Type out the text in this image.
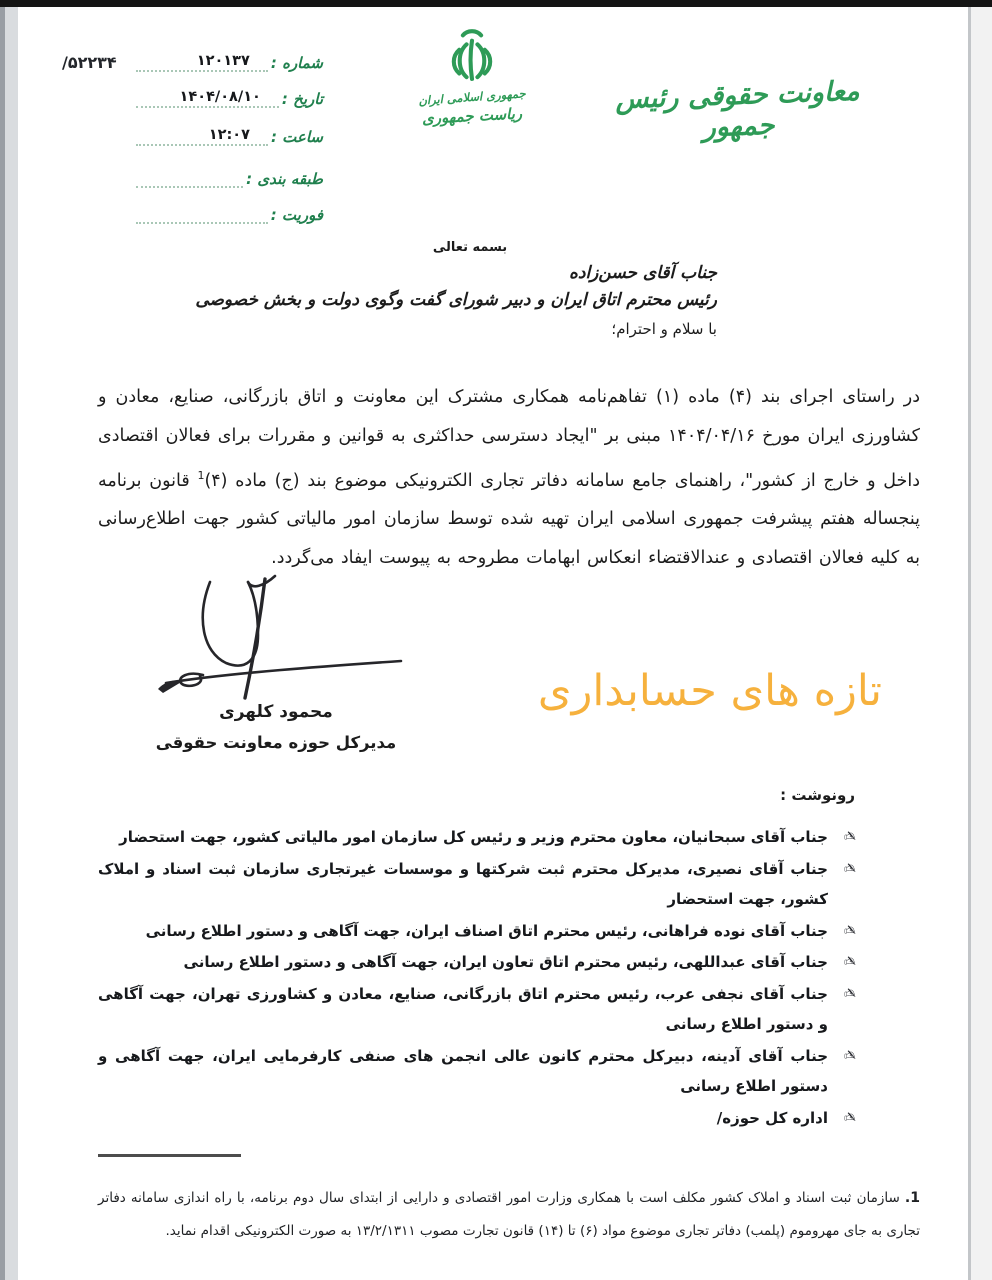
۵۲۲۳۴/	شماره :
۱۲۰۱۳۷
تاریخ :
۱۴۰۴/۰۸/۱۰
ساعت :
۱۲:۰۷
طبقه بندی :
فوریت :
جمهوری اسلامی ایران
ریاست جمهوری
معاونت حقوقی رئیس جمهور
بسمه تعالی
جناب آقای حسن‌زاده
رئیس محترم اتاق ایران و دبیر شورای گفت وگوی دولت و بخش خصوصی
با سلام و احترام؛

در راستای اجرای بند (۴) ماده (۱) تفاهم‌نامه همکاری مشترک این معاونت و اتاق بازرگانی، صنایع، معادن و کشاورزی ایران مورخ ۱۴۰۴/۰۴/۱۶ مبنی بر "ایجاد دسترسی حداکثری به قوانین و مقررات برای فعالان اقتصادی داخل و خارج از کشور"، راهنمای جامع سامانه دفاتر تجاری الکترونیکی موضوع بند (ج) ماده (۴)$^1$ قانون برنامه پنجساله هفتم پیشرفت جمهوری اسلامی ایران تهیه شده توسط سازمان امور مالیاتی کشور جهت اطلاع‌رسانی به کلیه فعالان اقتصادی و عندالاقتضاء انعکاس ابهامات مطروحه به پیوست ایفاد می‌گردد.

محمود کلهری
مدیرکل حوزه معاونت حقوقی
تازه های حسابداری
رونوشت :
✍
جناب آقای سبحانیان، معاون محترم وزیر و رئیس کل سازمان امور مالیاتی کشور، جهت استحضار
✍
جناب آقای نصیری، مدیرکل محترم ثبت شرکتها و موسسات غیرتجاری سازمان ثبت اسناد و املاک کشور، جهت استحضار
✍
جناب آقای نوده فراهانی، رئیس محترم اتاق اصناف ایران، جهت آگاهی و دستور اطلاع رسانی
✍
جناب آقای عبداللهی، رئیس محترم اتاق تعاون ایران، جهت آگاهی و دستور اطلاع رسانی
✍
جناب آقای نجفی عرب، رئیس محترم اتاق بازرگانی، صنایع، معادن و کشاورزی تهران، جهت آگاهی و دستور اطلاع رسانی
✍
جناب آقای آدینه، دبیرکل محترم کانون عالی انجمن های صنفی کارفرمایی ایران، جهت آگاهی و دستور اطلاع رسانی
✍
اداره کل حوزه/

1. سازمان ثبت اسناد و املاک کشور مکلف است با همکاری وزارت امور اقتصادی و دارایی از ابتدای سال دوم برنامه، با راه اندازی سامانه دفاتر تجاری به جای مهروموم (پلمب) دفاتر تجاری موضوع مواد (۶) تا (۱۴) قانون تجارت مصوب ۱۳/۲/۱۳۱۱ به صورت الکترونیکی اقدام نماید.
